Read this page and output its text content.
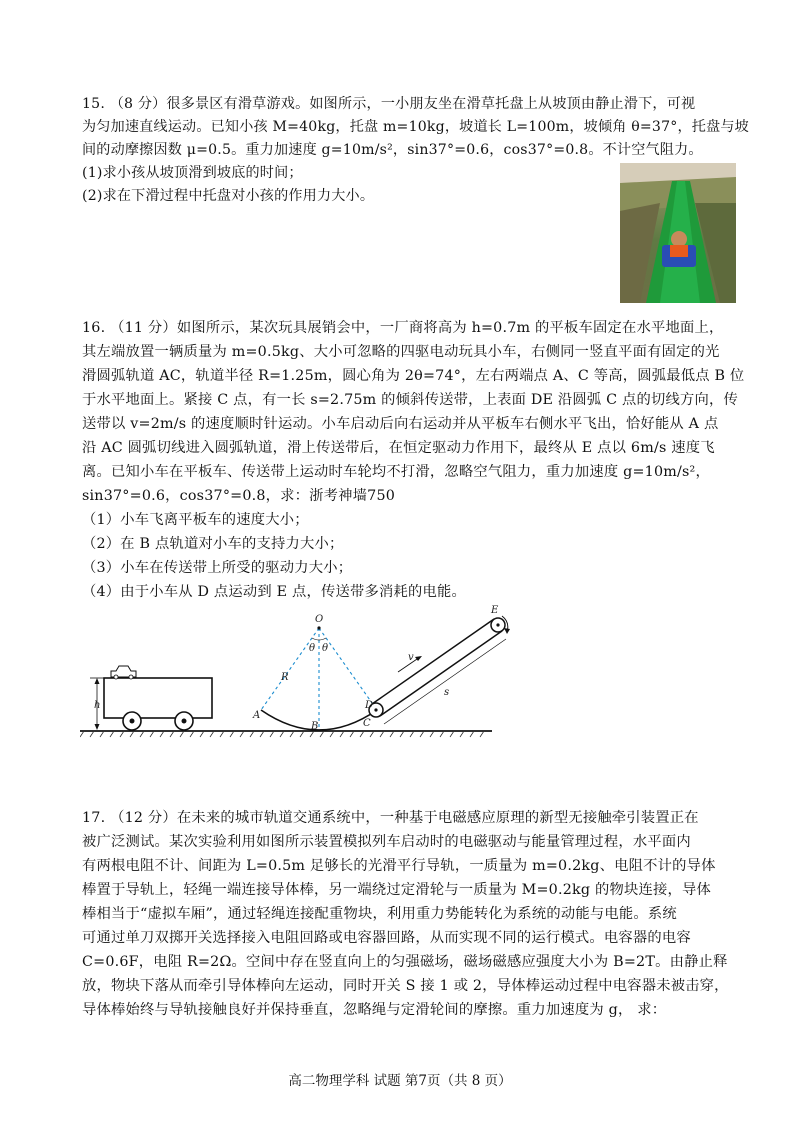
15. （8 分）很多景区有滑草游戏。如图所示，一小朋友坐在滑草托盘上从坡顶由静止滑下，可视
为匀加速直线运动。已知小孩 M=40kg，托盘 m=10kg，坡道长 L=100m，坡倾角 θ=37°，托盘与坡
间的动摩擦因数 μ=0.5。重力加速度 g=10m/s²，sin37°=0.6，cos37°=0.8。不计空气阻力。
(1)求小孩从坡顶滑到坡底的时间；
(2)求在下滑过程中托盘对小孩的作用力大小。
16. （11 分）如图所示，某次玩具展销会中，一厂商将高为 h=0.7m 的平板车固定在水平地面上，
其左端放置一辆质量为 m=0.5kg、大小可忽略的四驱电动玩具小车，右侧同一竖直平面有固定的光
滑圆弧轨道 AC，轨道半径 R=1.25m，圆心角为 2θ=74°，左右两端点 A、C 等高，圆弧最低点 B 位
于水平地面上。紧接 C 点，有一长 s=2.75m 的倾斜传送带，上表面 DE 沿圆弧 C 点的切线方向，传
送带以 v=2m/s 的速度顺时针运动。小车启动后向右运动并从平板车右侧水平飞出，恰好能从 A 点
沿 AC 圆弧切线进入圆弧轨道，滑上传送带后，在恒定驱动力作用下，最终从 E 点以 6m/s 速度飞
离。已知小车在平板车、传送带上运动时车轮均不打滑，忽略空气阻力，重力加速度 g=10m/s²，
sin37°=0.6，cos37°=0.8，求：浙考神墙750
（1）小车飞离平板车的速度大小；
（2）在 B 点轨道对小车的支持力大小；
（3）小车在传送带上所受的驱动力大小；
（4）由于小车从 D 点运动到 E 点，传送带多消耗的电能。
h
O
θ θ
R
A
B	C
D
E
v
s
17. （12 分）在未来的城市轨道交通系统中，一种基于电磁感应原理的新型无接触牵引装置正在
被广泛测试。某次实验利用如图所示装置模拟列车启动时的电磁驱动与能量管理过程，水平面内
有两根电阻不计、间距为 L=0.5m 足够长的光滑平行导轨，一质量为 m=0.2kg、电阻不计的导体
棒置于导轨上，轻绳一端连接导体棒，另一端绕过定滑轮与一质量为 M=0.2kg 的物块连接，导体
棒相当于“虚拟车厢”，通过轻绳连接配重物块，利用重力势能转化为系统的动能与电能。系统
可通过单刀双掷开关选择接入电阻回路或电容器回路，从而实现不同的运行模式。电容器的电容
C=0.6F，电阻 R=2Ω。空间中存在竖直向上的匀强磁场，磁场磁感应强度大小为 B=2T。由静止释
放，物块下落从而牵引导体棒向左运动，同时开关 S 接 1 或 2，导体棒运动过程中电容器未被击穿，
导体棒始终与导轨接触良好并保持垂直，忽略绳与定滑轮间的摩擦。重力加速度为 g， 求：
高二物理学科 试题 第7页（共 8 页）
